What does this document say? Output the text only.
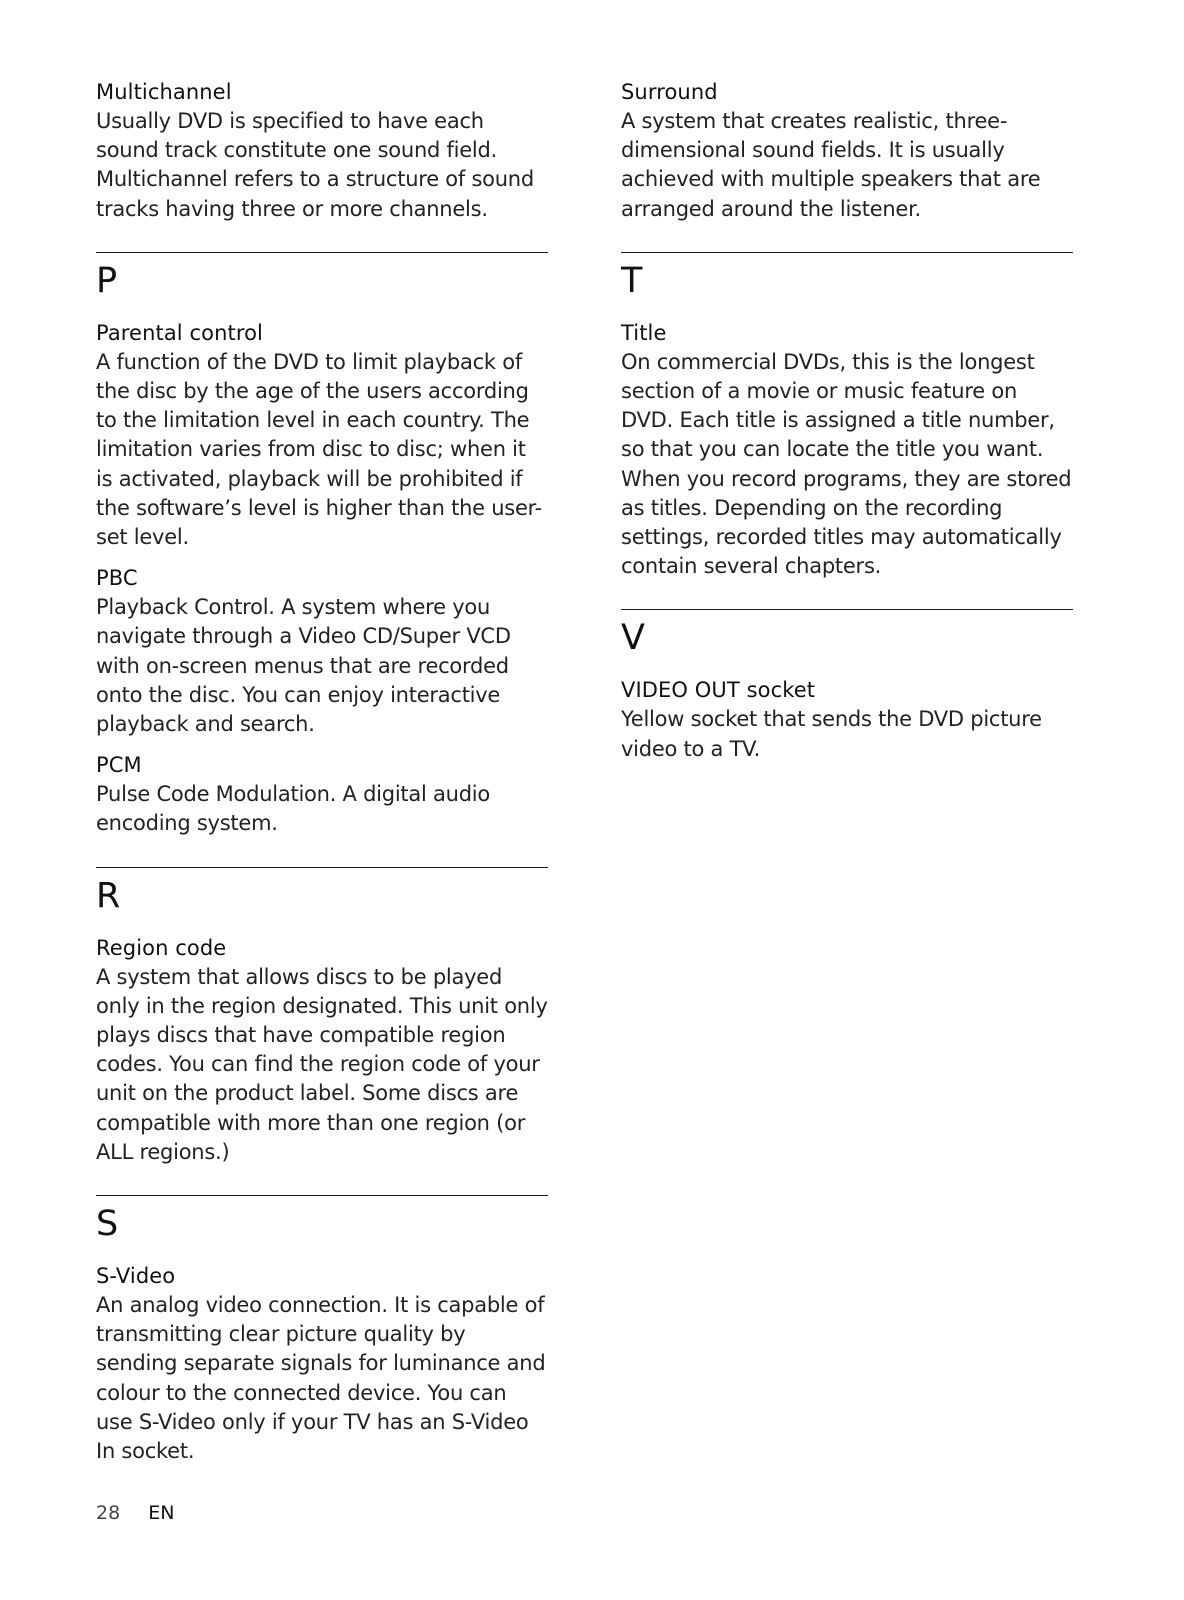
Multichannel
Usually DVD is specified to have each sound track constitute one sound field. Multichannel refers to a structure of sound tracks having three or more channels.
P
Parental control
A function of the DVD to limit playback of the disc by the age of the users according to the limitation level in each country. The limitation varies from disc to disc; when it is activated, playback will be prohibited if the software’s level is higher than the user-set level.
PBC
Playback Control. A system where you navigate through a Video CD/Super VCD with on-screen menus that are recorded onto the disc. You can enjoy interactive playback and search.
PCM
Pulse Code Modulation. A digital audio encoding system.
R
Region code
A system that allows discs to be played only in the region designated. This unit only plays discs that have compatible region codes. You can find the region code of your unit on the product label. Some discs are compatible with more than one region (or ALL regions.)
S
S-Video
An analog video connection. It is capable of transmitting clear picture quality by sending separate signals for luminance and colour to the connected device. You can use S-Video only if your TV has an S-Video In socket.
Surround
A system that creates realistic, three-dimensional sound fields. It is usually achieved with multiple speakers that are arranged around the listener.
T
Title

On commercial DVDs, this is the longest section of a movie or music feature on DVD. Each title is assigned a title number, so that you can locate the title you want.

When you record programs, they are stored as titles. Depending on the recording settings, recorded titles may automatically contain several chapters.

V
VIDEO OUT socket
Yellow socket that sends the DVD picture video to a TV.
28 EN
